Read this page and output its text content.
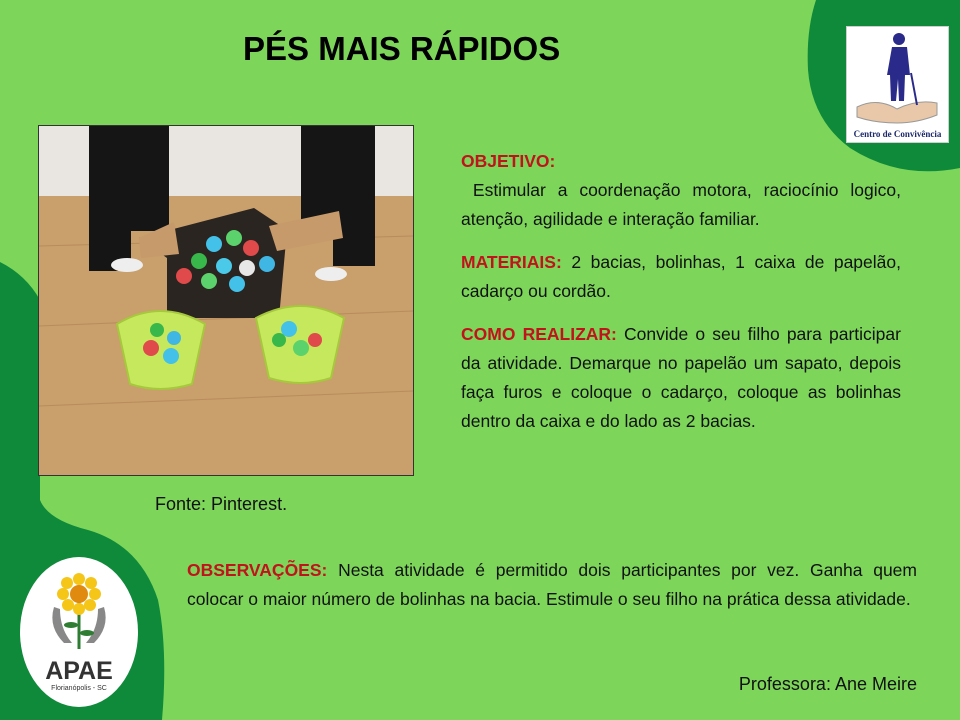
PÉS MAIS RÁPIDOS
Centro de Convivência
Fonte: Pinterest.

OBJETIVO:
Estimular a coordenação motora, raciocínio logico, atenção, agilidade e interação familiar.

MATERIAIS: 2 bacias, bolinhas, 1 caixa de papelão, cadarço ou cordão.

COMO REALIZAR: Convide o seu filho para participar da atividade. Demarque no papelão um sapato, depois faça furos e coloque o cadarço, coloque as bolinhas dentro da caixa e do lado as 2 bacias.

OBSERVAÇÕES: Nesta atividade é permitido dois participantes por vez. Ganha quem colocar o maior número de bolinhas na bacia. Estimule o seu filho na prática dessa atividade.

Professora: Ane Meire
APAE
Florianópolis - SC
